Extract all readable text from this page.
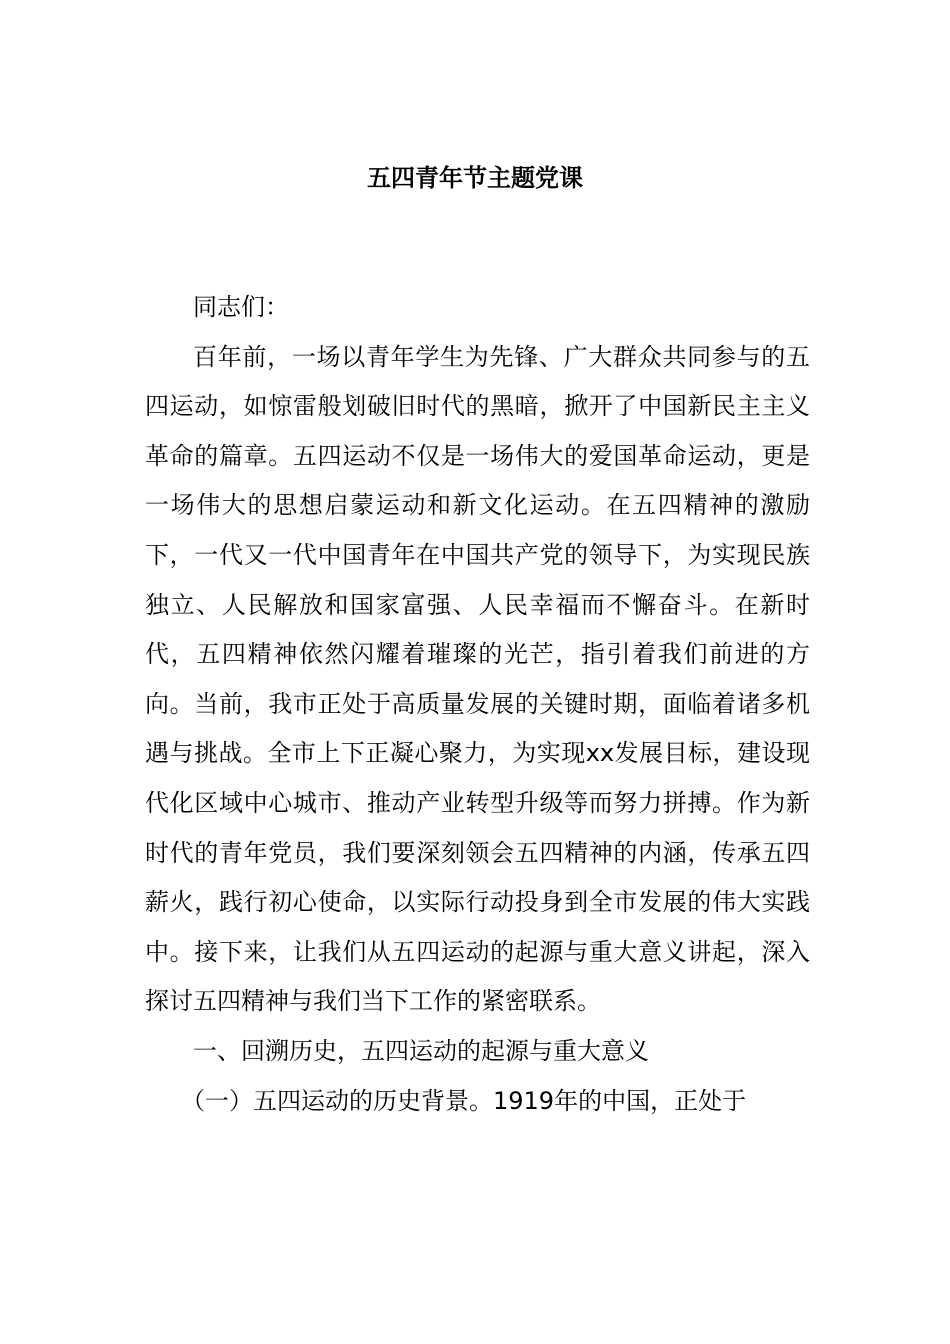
五四青年节主题党课

同志们：

百年前，一场以青年学生为先锋、广大群众共同参与的五四运动，如惊雷般划破旧时代的黑暗，掀开了中国新民主主义革命的篇章。五四运动不仅是一场伟大的爱国革命运动，更是一场伟大的思想启蒙运动和新文化运动。在五四精神的激励下，一代又一代中国青年在中国共产党的领导下，为实现民族独立、人民解放和国家富强、人民幸福而不懈奋斗。在新时代，五四精神依然闪耀着璀璨的光芒，指引着我们前进的方向。当前，我市正处于高质量发展的关键时期，面临着诸多机遇与挑战。全市上下正凝心聚力，为实现xx发展目标，建设现代化区域中心城市、推动产业转型升级等而努力拼搏。作为新时代的青年党员，我们要深刻领会五四精神的内涵，传承五四薪火，践行初心使命，以实际行动投身到全市发展的伟大实践中。接下来，让我们从五四运动的起源与重大意义讲起，深入探讨五四精神与我们当下工作的紧密联系。

一、回溯历史，五四运动的起源与重大意义

（一）五四运动的历史背景。1919年的中国，正处于
